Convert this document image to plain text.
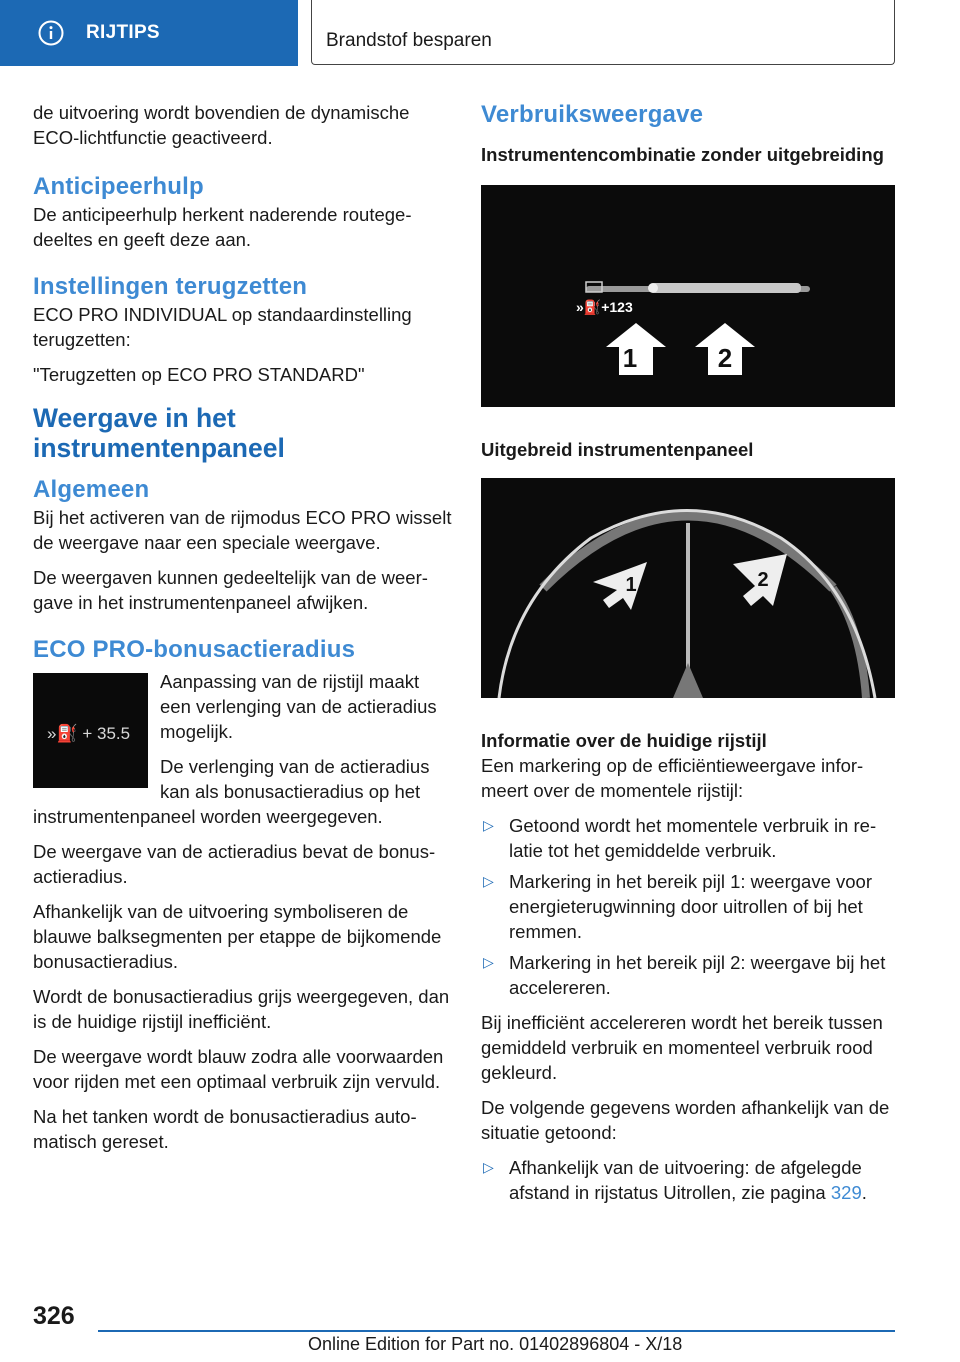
RIJTIPS	Brandstof besparen

de uitvoering wordt bovendien de dynamische ECO-lichtfunctie geactiveerd.

Anticipeerhulp

De anticipeerhulp herkent naderende routegedeeltes en geeft deze aan.

Instellingen terugzetten

ECO PRO INDIVIDUAL op standaardinstelling terugzetten:

"Terugzetten op ECO PRO STANDARD"

Weergave in het instrumentenpaneel
Algemeen

Bij het activeren van de rijmodus ECO PRO wisselt de weergave naar een speciale weergave.

De weergaven kunnen gedeeltelijk van de weergave in het instrumentenpaneel afwijken.

ECO PRO-bonusactieradius
»⛽ + 35.5

Aanpassing van de rijstijl maakt een verlenging van de actieradius mogelijk.

De verlenging van de actieradius kan als bonusactieradius op het instrumentenpaneel worden weergegeven.

De weergave van de actieradius bevat de bonusactieradius.

Afhankelijk van de uitvoering symboliseren de blauwe balksegmenten per etappe de bijkomende bonusactieradius.

Wordt de bonusactieradius grijs weergegeven, dan is de huidige rijstijl inefficiënt.

De weergave wordt blauw zodra alle voorwaarden voor rijden met een optimaal verbruik zijn vervuld.

Na het tanken wordt de bonusactieradius automatisch gereset.

Verbruiksweergave
Instrumentencombinatie zonder uitgebreiding
»⛽+123
1	2
Uitgebreid instrumentenpaneel
1	2
Informatie over de huidige rijstijl

Een markering op de efficiëntieweergave informeert over de momentele rijstijl:

▷ Getoond wordt het momentele verbruik in relatie tot het gemiddelde verbruik.
▷ Markering in het bereik pijl 1: weergave voor energieterugwinning door uitrollen of bij het remmen.
▷ Markering in het bereik pijl 2: weergave bij het accelereren.

Bij inefficiënt accelereren wordt het bereik tussen gemiddeld verbruik en momenteel verbruik rood gekleurd.

De volgende gegevens worden afhankelijk van de situatie getoond:

▷ Afhankelijk van de uitvoering: de afgelegde afstand in rijstatus Uitrollen, zie pagina 329.
326
Online Edition for Part no. 01402896804 - X/18
